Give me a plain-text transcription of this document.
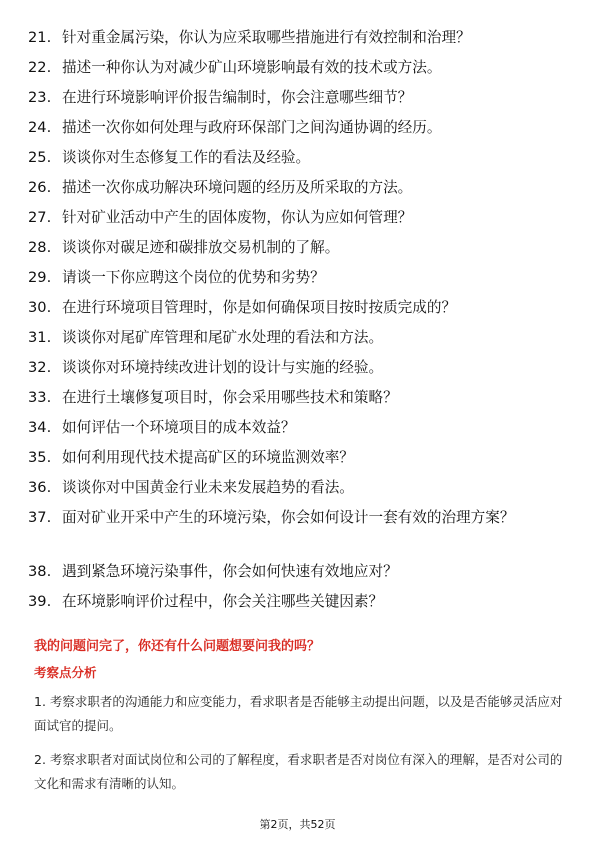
21. 针对重金属污染，你认为应采取哪些措施进行有效控制和治理？
22. 描述一种你认为对减少矿山环境影响最有效的技术或方法。
23. 在进行环境影响评价报告编制时，你会注意哪些细节？
24. 描述一次你如何处理与政府环保部门之间沟通协调的经历。
25. 谈谈你对生态修复工作的看法及经验。
26. 描述一次你成功解决环境问题的经历及所采取的方法。
27. 针对矿业活动中产生的固体废物，你认为应如何管理？
28. 谈谈你对碳足迹和碳排放交易机制的了解。
29. 请谈一下你应聘这个岗位的优势和劣势？
30. 在进行环境项目管理时，你是如何确保项目按时按质完成的？
31. 谈谈你对尾矿库管理和尾矿水处理的看法和方法。
32. 谈谈你对环境持续改进计划的设计与实施的经验。
33. 在进行土壤修复项目时，你会采用哪些技术和策略？
34. 如何评估一个环境项目的成本效益？
35. 如何利用现代技术提高矿区的环境监测效率？
36. 谈谈你对中国黄金行业未来发展趋势的看法。
37. 面对矿业开采中产生的环境污染，你会如何设计一套有效的治理方案？
38. 遇到紧急环境污染事件，你会如何快速有效地应对？
39. 在环境影响评价过程中，你会关注哪些关键因素？
我的问题问完了，你还有什么问题想要问我的吗？
考察点分析
1. 考察求职者的沟通能力和应变能力，看求职者是否能够主动提出问题，以及是否能够灵活应对面试官的提问。
2. 考察求职者对面试岗位和公司的了解程度，看求职者是否对岗位有深入的理解，是否对公司的文化和需求有清晰的认知。
第2页，共52页
